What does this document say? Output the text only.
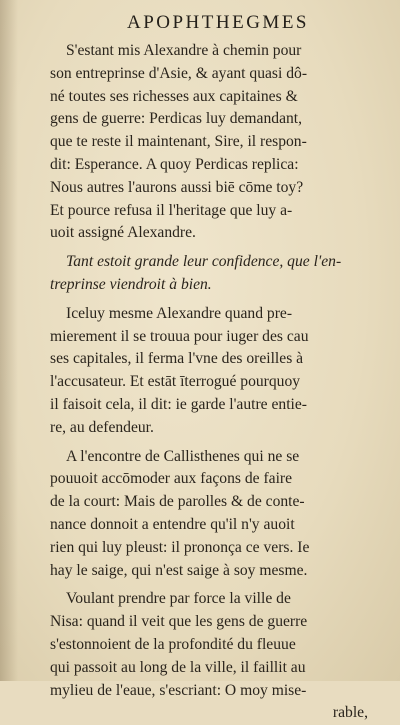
APOPHTHEGMES
S'estant mis Alexandre à chemin pour
son entreprinse d'Asie, & ayant quasi dô-
né toutes ses richesses aux capitaines &
gens de guerre: Perdicas luy demandant,
que te reste il maintenant, Sire, il respon-
dit: Esperance. A quoy Perdicas replica:
Nous autres l'aurons aussi biē cōme toy?
Et pource refusa il l'heritage que luy a-
uoit assigné Alexandre.
Tant estoit grande leur confidence, que l'en-
treprinse viendroit à bien.
Iceluy mesme Alexandre quand pre-
mierement il se trouua pour iuger des cau
ses capitales, il ferma l'vne des oreilles à
l'accusateur. Et estāt īterrogué pourquoy
il faisoit cela, il dit: ie garde l'autre entie-
re, au defendeur.
A l'encontre de Callisthenes qui ne se
pouuoit accōmoder aux façons de faire
de la court: Mais de parolles & de conte-
nance donnoit a entendre qu'il n'y auoit
rien qui luy pleust: il prononça ce vers. Ie
hay le saige, qui n'est saige à soy mesme.
Voulant prendre par force la ville de
Nisa: quand il veit que les gens de guerre
s'estonnoient de la profondité du fleuue
qui passoit au long de la ville, il faillit au
mylieu de l'eaue, s'escriant: O moy mise-
rable,
